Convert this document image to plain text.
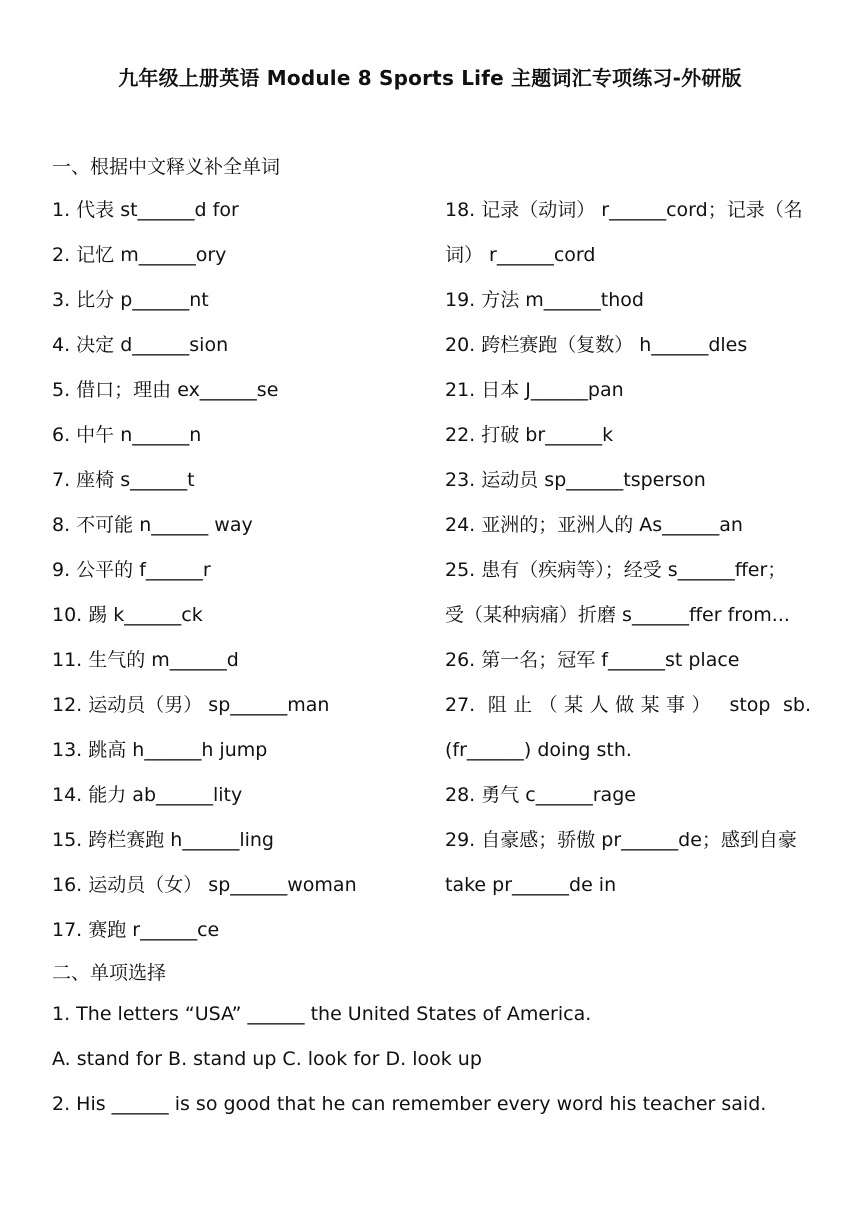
九年级上册英语 Module 8 Sports Life 主题词汇专项练习-外研版
一、根据中文释义补全单词
1. 代表 st______d for
2. 记忆 m______ory
3. 比分 p______nt
4. 决定 d______sion
5. 借口；理由 ex______se
6. 中午 n______n
7. 座椅 s______t
8. 不可能 n______ way
9. 公平的 f______r
10. 踢 k______ck
11. 生气的 m______d
12. 运动员（男） sp______man
13. 跳高 h______h jump
14. 能力 ab______lity
15. 跨栏赛跑 h______ling
16. 运动员（女） sp______woman
17. 赛跑 r______ce
18. 记录（动词） r______cord；记录（名
词） r______cord
19. 方法 m______thod
20. 跨栏赛跑（复数） h______dles
21. 日本 J______pan
22. 打破 br______k
23. 运动员 sp______tsperson
24. 亚洲的；亚洲人的 As______an
25. 患有（疾病等）；经受 s______ffer；
受（某种病痛）折磨 s______ffer from...
26. 第一名；冠军 f______st place
27. 阻止（某人做某事） stop sb.
(fr______) doing sth.
28. 勇气 c______rage
29. 自豪感；骄傲 pr______de；感到自豪
take pr______de in
二、单项选择
1. The letters “USA” ______ the United States of America.
A. stand for B. stand up C. look for D. look up
2. His ______ is so good that he can remember every word his teacher said.
